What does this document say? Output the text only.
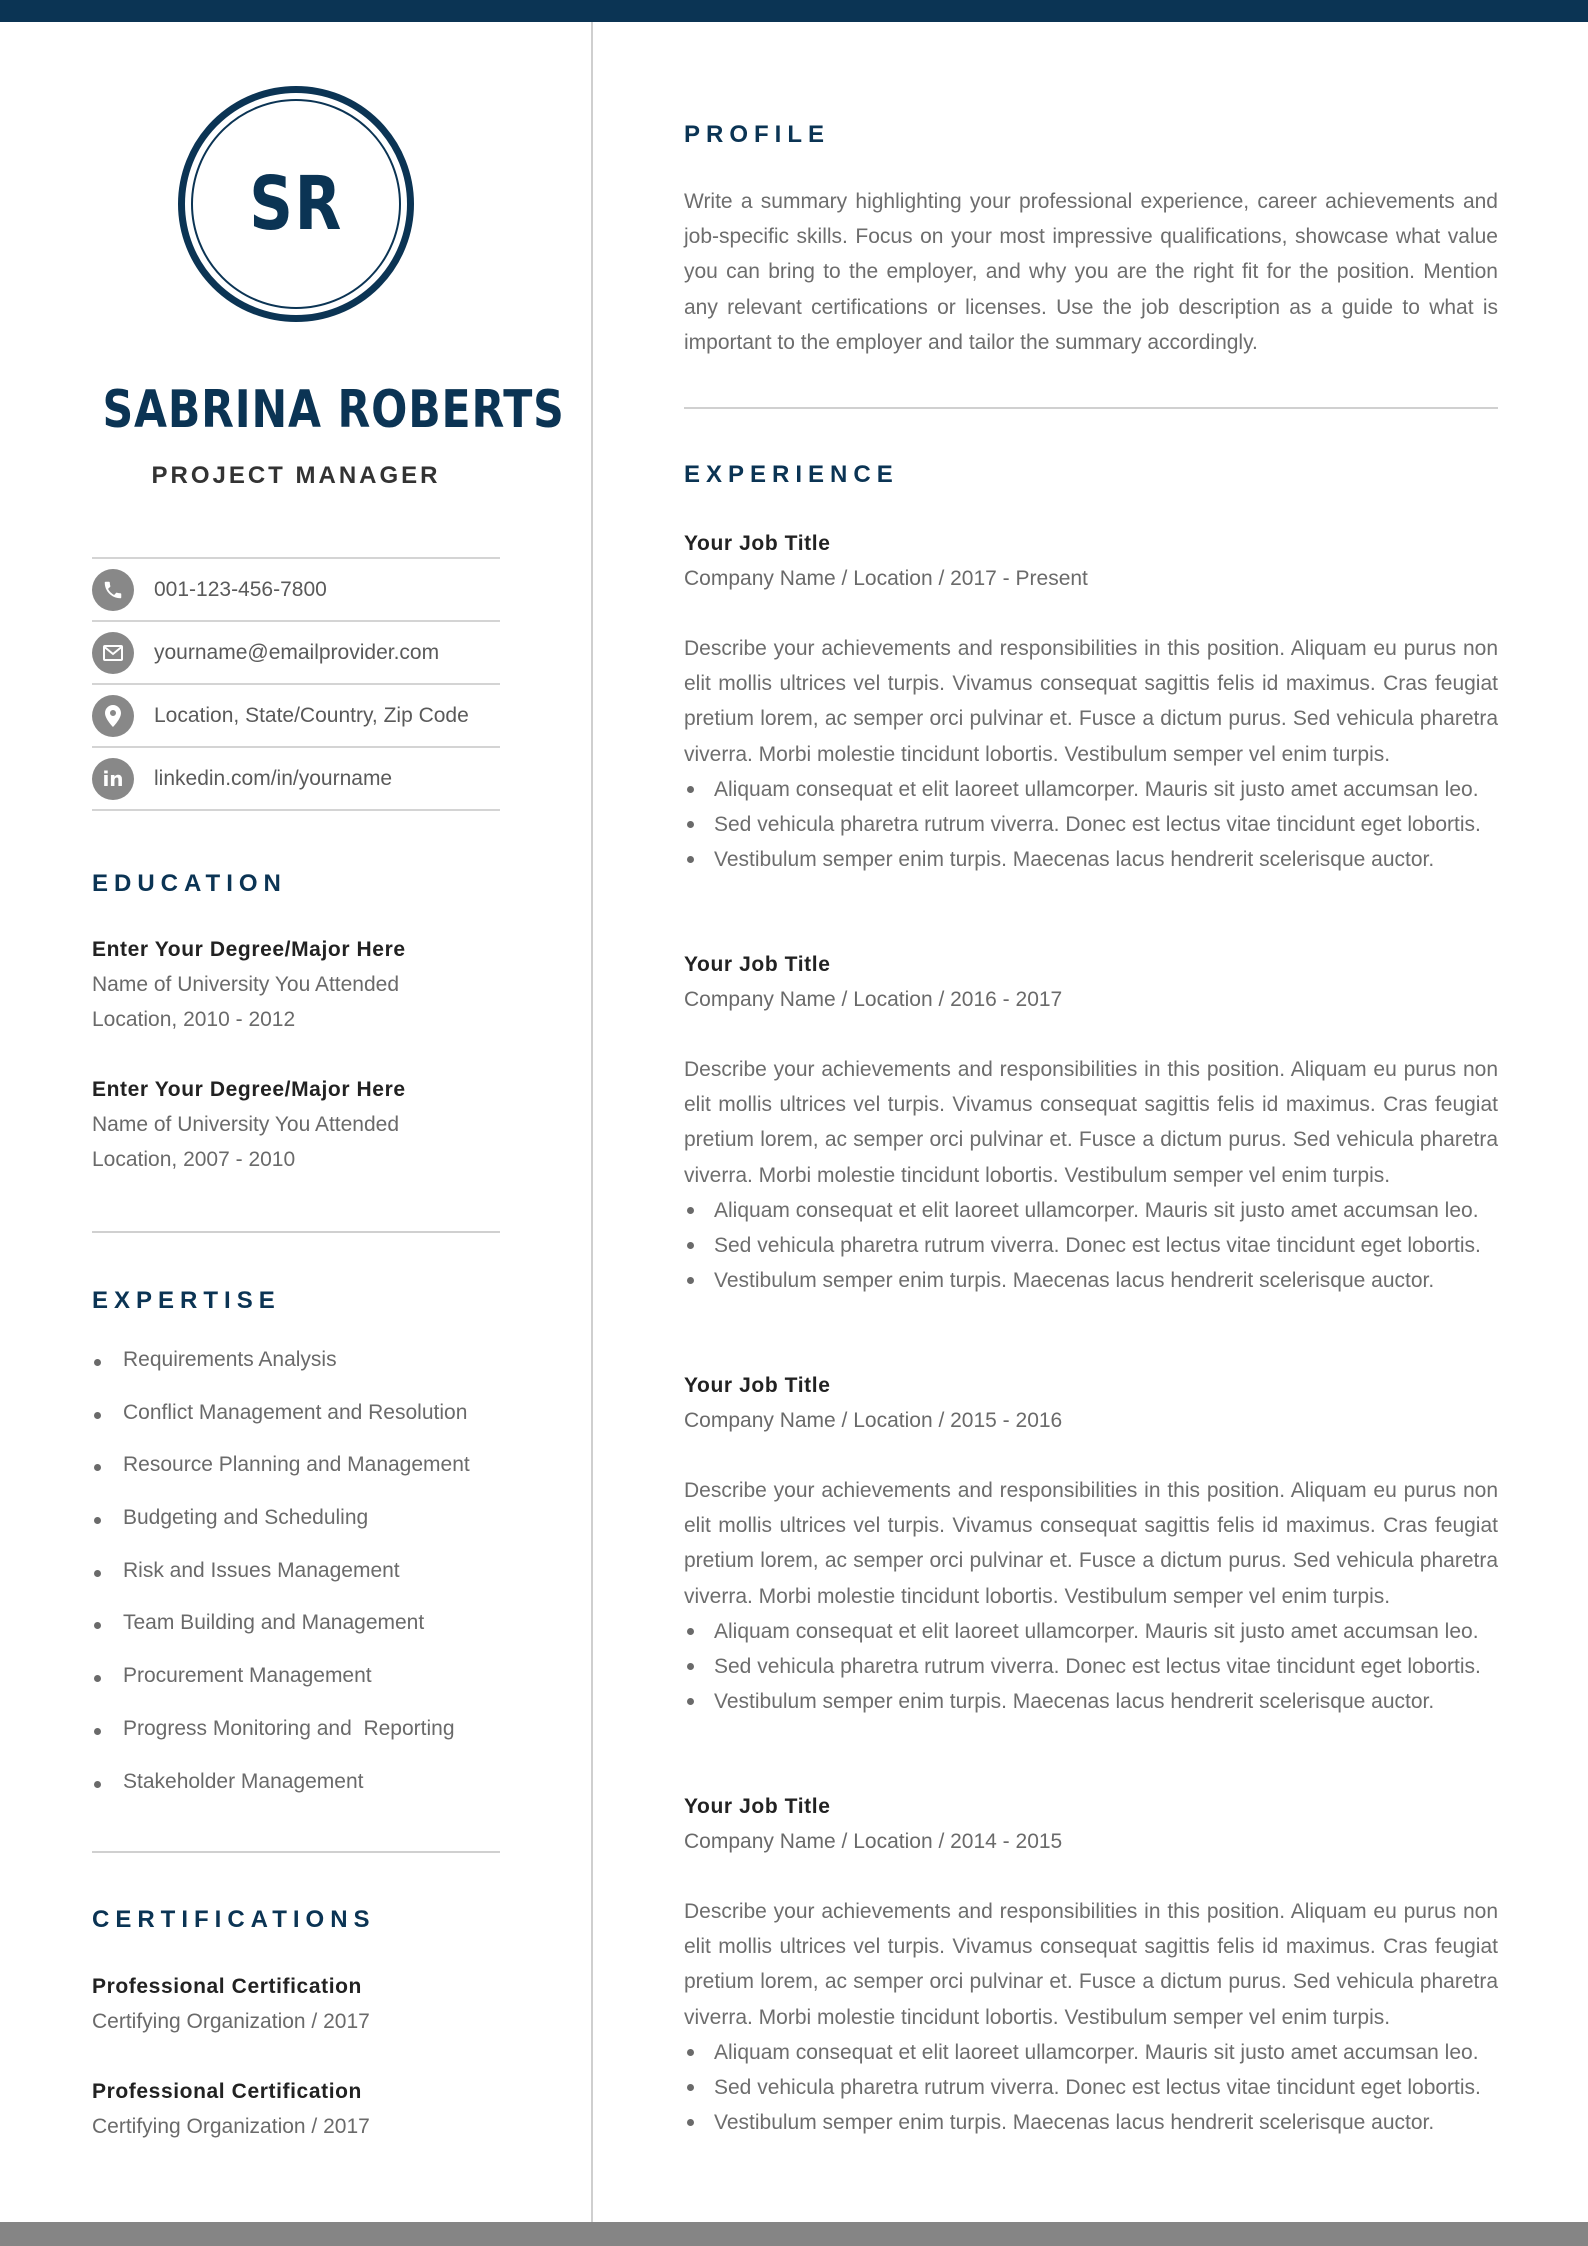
SR
SABRINA ROBERTS
PROJECT MANAGER
001-123-456-7800
yourname@emailprovider.com
Location, State/Country, Zip Code
in linkedin.com/in/yourname
EDUCATION
Enter Your Degree/Major Here
Name of University You Attended
Location, 2010 - 2012
Enter Your Degree/Major Here
Name of University You Attended
Location, 2007 - 2010
EXPERTISE
Requirements Analysis
Conflict Management and Resolution
Resource Planning and Management
Budgeting and Scheduling
Risk and Issues Management
Team Building and Management
Procurement Management
Progress Monitoring and  Reporting
Stakeholder Management
CERTIFICATIONS
Professional Certification
Certifying Organization / 2017
Professional Certification
Certifying Organization / 2017
PROFILE

Write a summary highlighting your professional experience, career achievements and job-specific skills. Focus on your most impressive qualifications, showcase what value you can bring to the employer, and why you are the right fit for the position. Mention any relevant certifications or licenses. Use the job description as a guide to what is important to the employer and tailor the summary accordingly.

EXPERIENCE
Your Job Title
Company Name / Location / 2017 - Present

Describe your achievements and responsibilities in this position. Aliquam eu purus non elit mollis ultrices vel turpis. Vivamus consequat sagittis felis id maximus. Cras feugiat pretium lorem, ac semper orci pulvinar et. Fusce a dictum purus. Sed vehicula pharetra viverra. Morbi molestie tincidunt lobortis. Vestibulum semper vel enim turpis.

Aliquam consequat et elit laoreet ullamcorper. Mauris sit justo amet accumsan leo.
Sed vehicula pharetra rutrum viverra. Donec est lectus vitae tincidunt eget lobortis.
Vestibulum semper enim turpis. Maecenas lacus hendrerit scelerisque auctor.
Your Job Title
Company Name / Location / 2016 - 2017

Describe your achievements and responsibilities in this position. Aliquam eu purus non elit mollis ultrices vel turpis. Vivamus consequat sagittis felis id maximus. Cras feugiat pretium lorem, ac semper orci pulvinar et. Fusce a dictum purus. Sed vehicula pharetra viverra. Morbi molestie tincidunt lobortis. Vestibulum semper vel enim turpis.

Aliquam consequat et elit laoreet ullamcorper. Mauris sit justo amet accumsan leo.
Sed vehicula pharetra rutrum viverra. Donec est lectus vitae tincidunt eget lobortis.
Vestibulum semper enim turpis. Maecenas lacus hendrerit scelerisque auctor.
Your Job Title
Company Name / Location / 2015 - 2016

Describe your achievements and responsibilities in this position. Aliquam eu purus non elit mollis ultrices vel turpis. Vivamus consequat sagittis felis id maximus. Cras feugiat pretium lorem, ac semper orci pulvinar et. Fusce a dictum purus. Sed vehicula pharetra viverra. Morbi molestie tincidunt lobortis. Vestibulum semper vel enim turpis.

Aliquam consequat et elit laoreet ullamcorper. Mauris sit justo amet accumsan leo.
Sed vehicula pharetra rutrum viverra. Donec est lectus vitae tincidunt eget lobortis.
Vestibulum semper enim turpis. Maecenas lacus hendrerit scelerisque auctor.
Your Job Title
Company Name / Location / 2014 - 2015

Describe your achievements and responsibilities in this position. Aliquam eu purus non elit mollis ultrices vel turpis. Vivamus consequat sagittis felis id maximus. Cras feugiat pretium lorem, ac semper orci pulvinar et. Fusce a dictum purus. Sed vehicula pharetra viverra. Morbi molestie tincidunt lobortis. Vestibulum semper vel enim turpis.

Aliquam consequat et elit laoreet ullamcorper. Mauris sit justo amet accumsan leo.
Sed vehicula pharetra rutrum viverra. Donec est lectus vitae tincidunt eget lobortis.
Vestibulum semper enim turpis. Maecenas lacus hendrerit scelerisque auctor.
